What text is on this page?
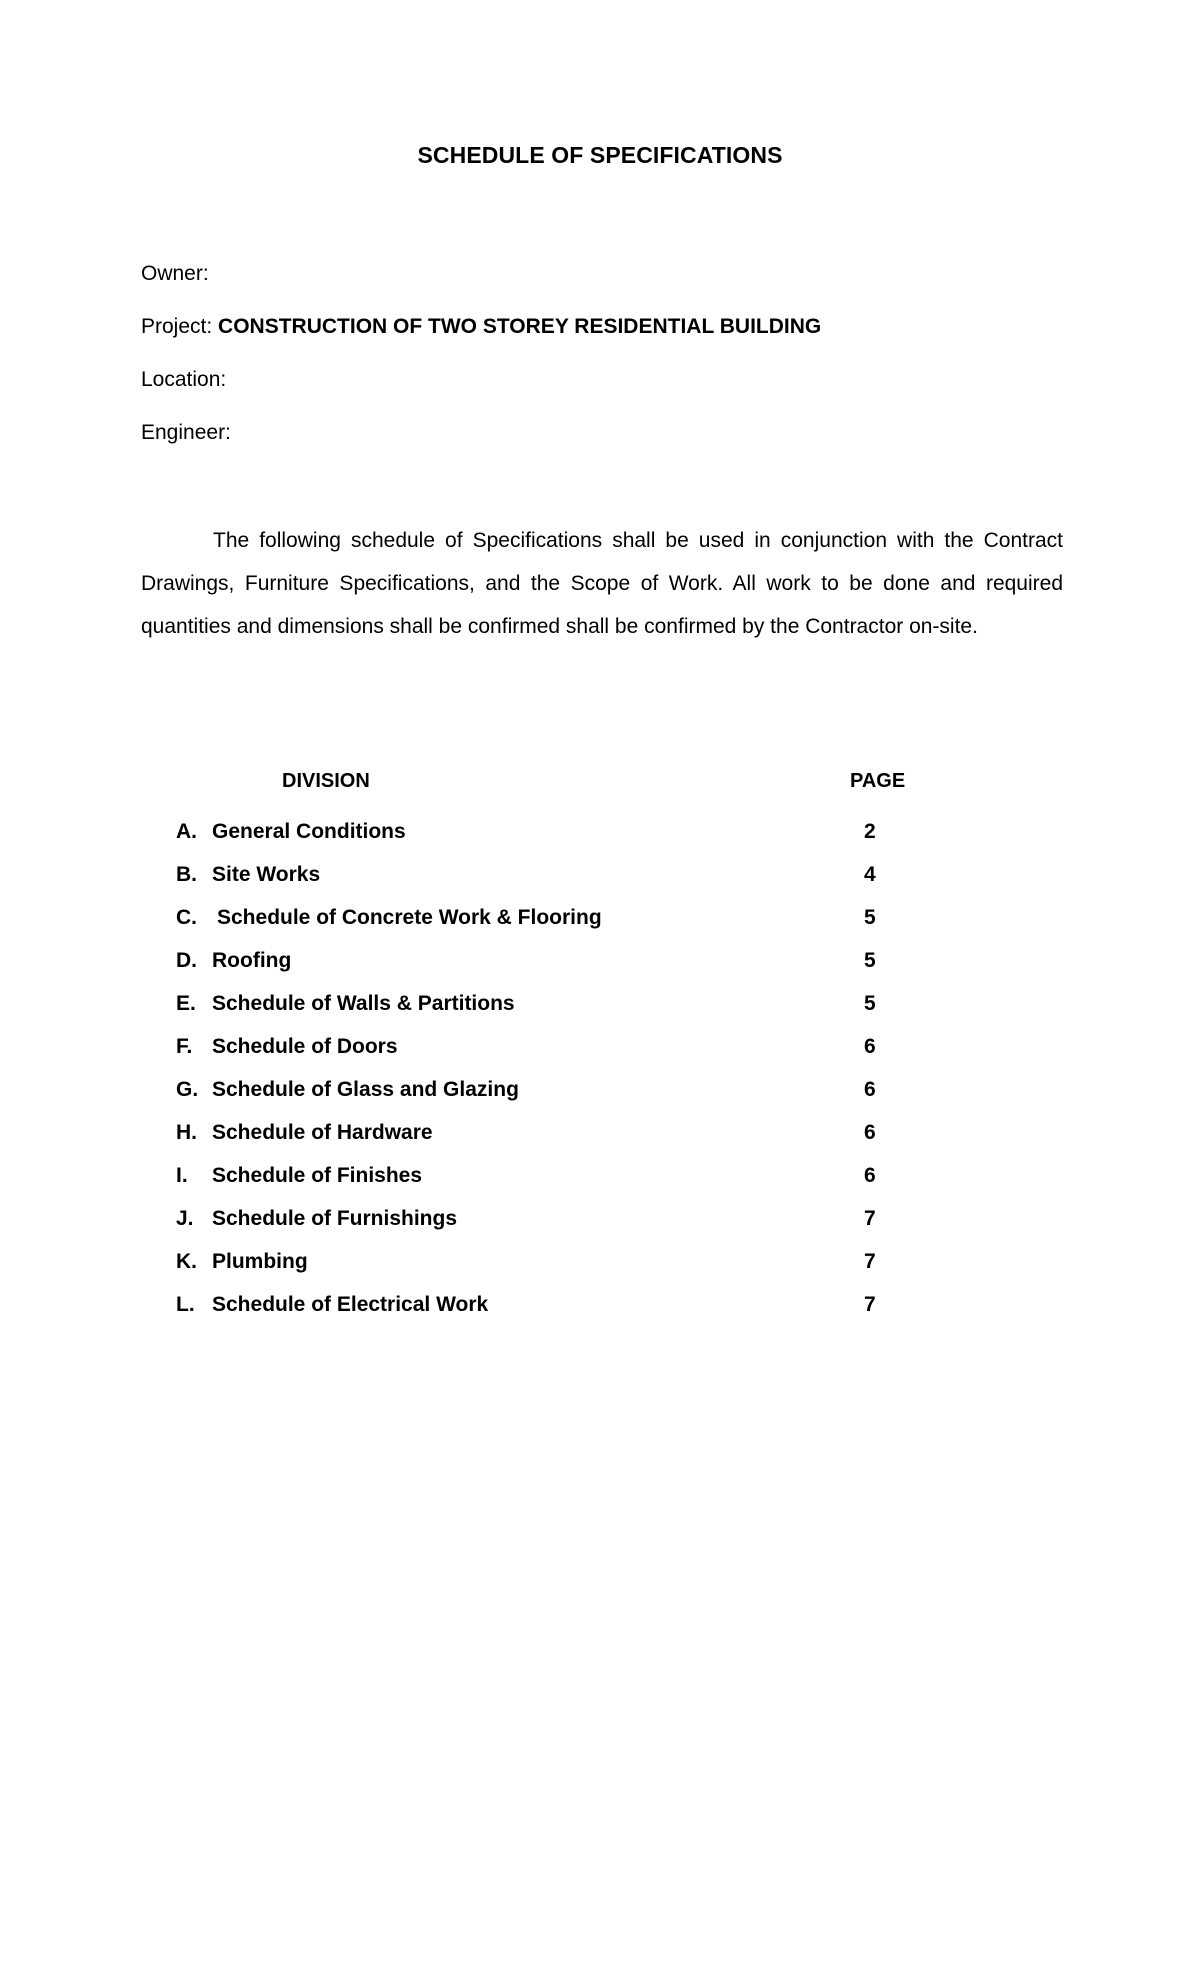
SCHEDULE OF SPECIFICATIONS
Owner:
Project: CONSTRUCTION OF TWO STOREY RESIDENTIAL BUILDING
Location:
Engineer:

The following schedule of Specifications shall be used in conjunction with the Contract Drawings, Furniture Specifications, and the Scope of Work. All work to be done and required quantities and dimensions shall be confirmed shall be confirmed by the Contractor on-site.

DIVISION	PAGE
A. General Conditions	2
B. Site Works	4
C. Schedule of Concrete Work & Flooring	5
D. Roofing	5
E. Schedule of Walls & Partitions	5
F. Schedule of Doors	6
G. Schedule of Glass and Glazing	6
H. Schedule of Hardware	6
I. Schedule of Finishes	6
J. Schedule of Furnishings	7
K. Plumbing	7
L. Schedule of Electrical Work	7
